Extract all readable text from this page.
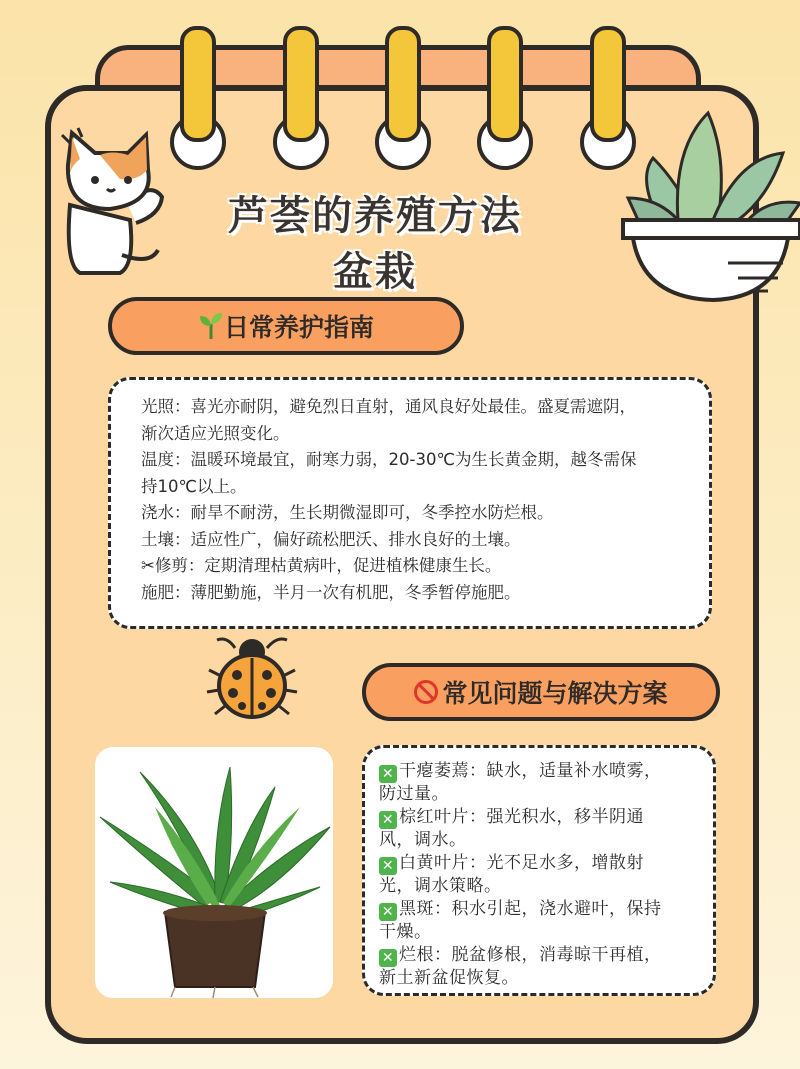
芦荟的养殖方法
盆栽
日常养护指南

光照：喜光亦耐阴，避免烈日直射，通风良好处最佳。盛夏需遮阴，

渐次适应光照变化。

温度：温暖环境最宜，耐寒力弱，20-30℃为生长黄金期，越冬需保

持10℃以上。

浇水：耐旱不耐涝，生长期微湿即可，冬季控水防烂根。

土壤：适应性广，偏好疏松肥沃、排水良好的土壤。

✂修剪：定期清理枯黄病叶，促进植株健康生长。

施肥：薄肥勤施，半月一次有机肥，冬季暂停施肥。

常见问题与解决方案

✕ 干瘪萎蔫：缺水，适量补水喷雾，

防过量。

✕ 棕红叶片：强光积水，移半阴通

风，调水。

✕ 白黄叶片：光不足水多，增散射

光，调水策略。

✕ 黑斑：积水引起，浇水避叶，保持

干燥。

✕ 烂根：脱盆修根，消毒晾干再植，

新土新盆促恢复。
